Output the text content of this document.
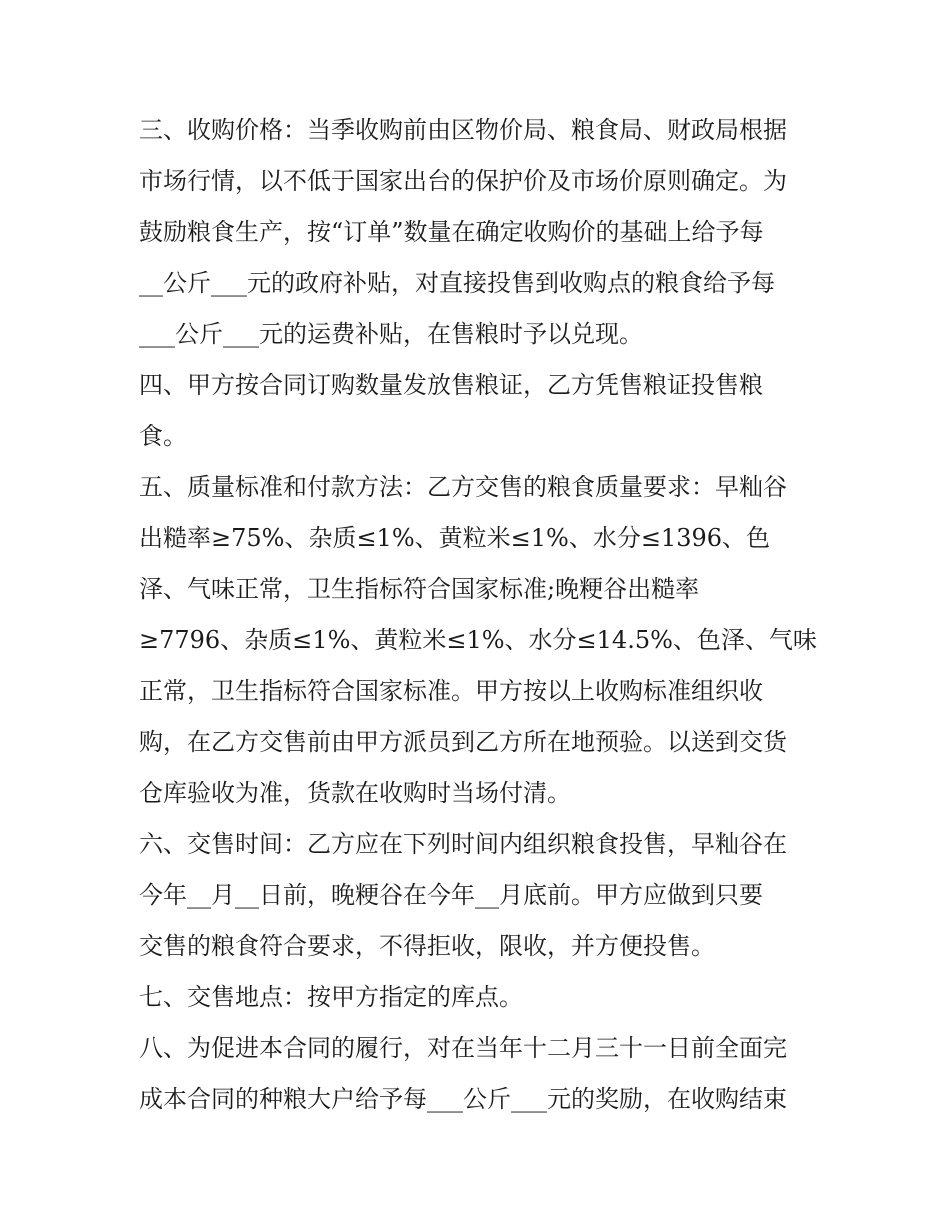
三、收购价格：当季收购前由区物价局、粮食局、财政局根据

市场行情，以不低于国家出台的保护价及市场价原则确定。为

鼓励粮食生产，按“订单”数量在确定收购价的基础上给予每

__公斤___元的政府补贴，对直接投售到收购点的粮食给予每

___公斤___元的运费补贴，在售粮时予以兑现。

四、甲方按合同订购数量发放售粮证，乙方凭售粮证投售粮

食。

五、质量标准和付款方法：乙方交售的粮食质量要求：早籼谷

出糙率≥75%、杂质≤1%、黄粒米≤1%、水分≤1396、色

泽、气味正常，卫生指标符合国家标准;晚粳谷出糙率

≥7796、杂质≤1%、黄粒米≤1%、水分≤14.5%、色泽、气味

正常，卫生指标符合国家标准。甲方按以上收购标准组织收

购，在乙方交售前由甲方派员到乙方所在地预验。以送到交货

仓库验收为准，货款在收购时当场付清。

六、交售时间：乙方应在下列时间内组织粮食投售，早籼谷在

今年__月__日前，晚粳谷在今年__月底前。甲方应做到只要

交售的粮食符合要求，不得拒收，限收，并方便投售。

七、交售地点：按甲方指定的库点。

八、为促进本合同的履行，对在当年十二月三十一日前全面完

成本合同的种粮大户给予每___公斤___元的奖励，在收购结束
